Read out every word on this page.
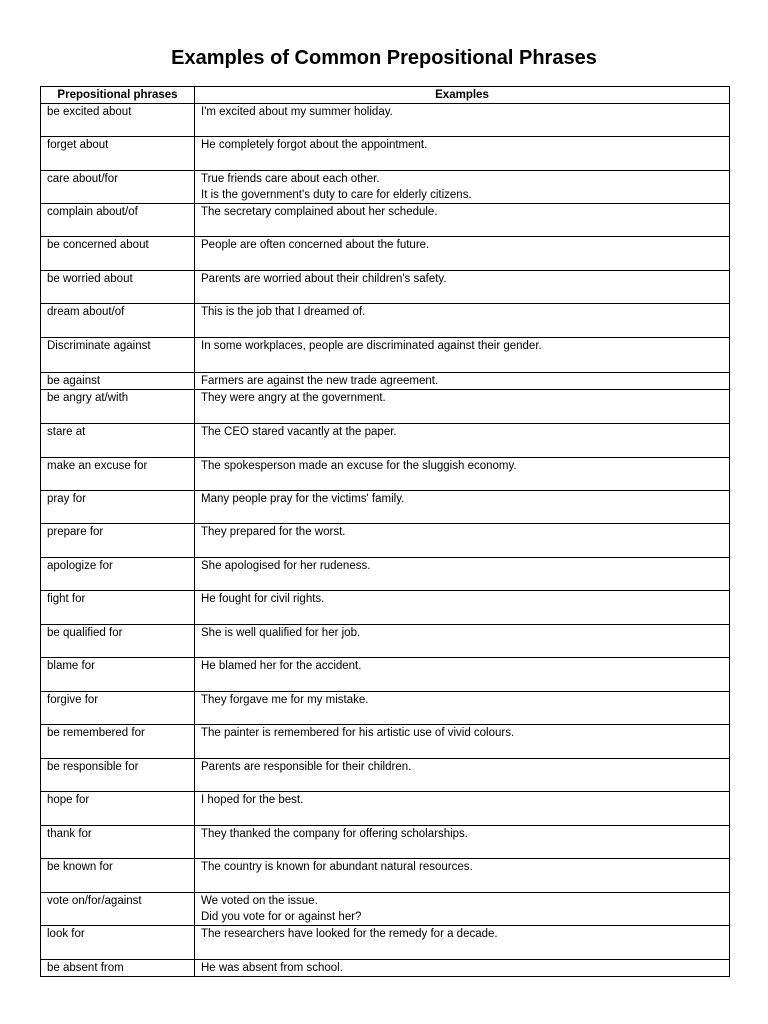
Examples of Common Prepositional Phrases
Prepositional phrases	Examples
be excited about	I'm excited about my summer holiday.

forget about	He completely forgot about the appointment.

care about/for	True friends care about each other.
It is the government's duty to care for elderly citizens.

complain about/of	The secretary complained about her schedule.

be concerned about	People are often concerned about the future.

be worried about	Parents are worried about their children's safety.

dream about/of	This is the job that I dreamed of.

Discriminate against	In some workplaces, people are discriminated against their gender.

be against	Farmers are against the new trade agreement.

be angry at/with	They were angry at the government.

stare at	The CEO stared vacantly at the paper.

make an excuse for	The spokesperson made an excuse for the sluggish economy.

pray for	Many people pray for the victims' family.

prepare for	They prepared for the worst.

apologize for	She apologised for her rudeness.

fight for	He fought for civil rights.

be qualified for	She is well qualified for her job.

blame for	He blamed her for the accident.

forgive for	They forgave me for my mistake.

be remembered for	The painter is remembered for his artistic use of vivid colours.

be responsible for	Parents are responsible for their children.

hope for	I hoped for the best.

thank for	They thanked the company for offering scholarships.

be known for	The country is known for abundant natural resources.

vote on/for/against	We voted on the issue.
Did you vote for or against her?

look for	The researchers have looked for the remedy for a decade.

be absent from	He was absent from school.
